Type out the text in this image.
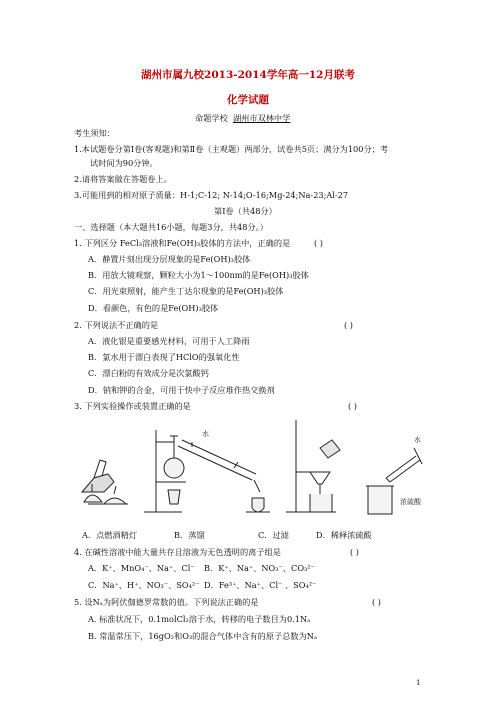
湖州市属九校2013-2014学年高一12月联考
化学试题
命题学校 湖州市双林中学
考生须知：
1.本试题卷分第Ⅰ卷(客观题)和第Ⅱ卷（主观题）两部分，试卷共5页；满分为100分；考
试时间为90分钟。
2.请将答案做在答题卷上。
3.可能用到的相对原子质量：H-1;C-12; N-14;O-16;Mg-24;Na-23;Al-27
第Ⅰ卷（共48分）
一、选择题（本大题共16小题，每题3分，共48分。）
1. 下列区分 FeCl₃溶液和Fe(OH)₃胶体的方法中，正确的是	( )
A．静置片刻出现分层现象的是Fe(OH)₃胶体
B．用放大镜观察，颗粒大小为1～100nm的是Fe(OH)₃胶体
C．用光束照射，能产生丁达尔现象的是Fe(OH)₃胶体
D．看颜色，有色的是Fe(OH)₃胶体
2. 下列说法不正确的是	( )
A．液化银是重要感光材料，可用于人工降雨
B．氯水用于漂白表现了HClO的强氧化性
C．漂白粉的有效成分是次氯酸钙
D．钠和钾的合金，可用于快中子反应堆作热交换剂
3. 下列实验操作或装置正确的是	( )
水
水
浓硫酸
A．点燃酒精灯	B．蒸馏	C．过滤	D．稀释浓硫酸
4. 在碱性溶液中能大量共存且溶液为无色透明的离子组是	( )
A．K⁺、MnO₄⁻、Na⁺、Cl⁻ B．K⁺、Na⁺、NO₃⁻、CO₃²⁻
C．Na⁺、H⁺、NO₃⁻、SO₄²⁻ D．Fe³⁺、Na⁺、Cl⁻ 、SO₄²⁻
5. 设Nₐ为阿伏伽德罗常数的值。下列说法正确的是	( )
A. 标准状况下，0.1molCl₂溶于水，转移的电子数目为0.1Nₐ
B. 常温常压下，16gO₂和O₃的混合气体中含有的原子总数为Nₐ
1
